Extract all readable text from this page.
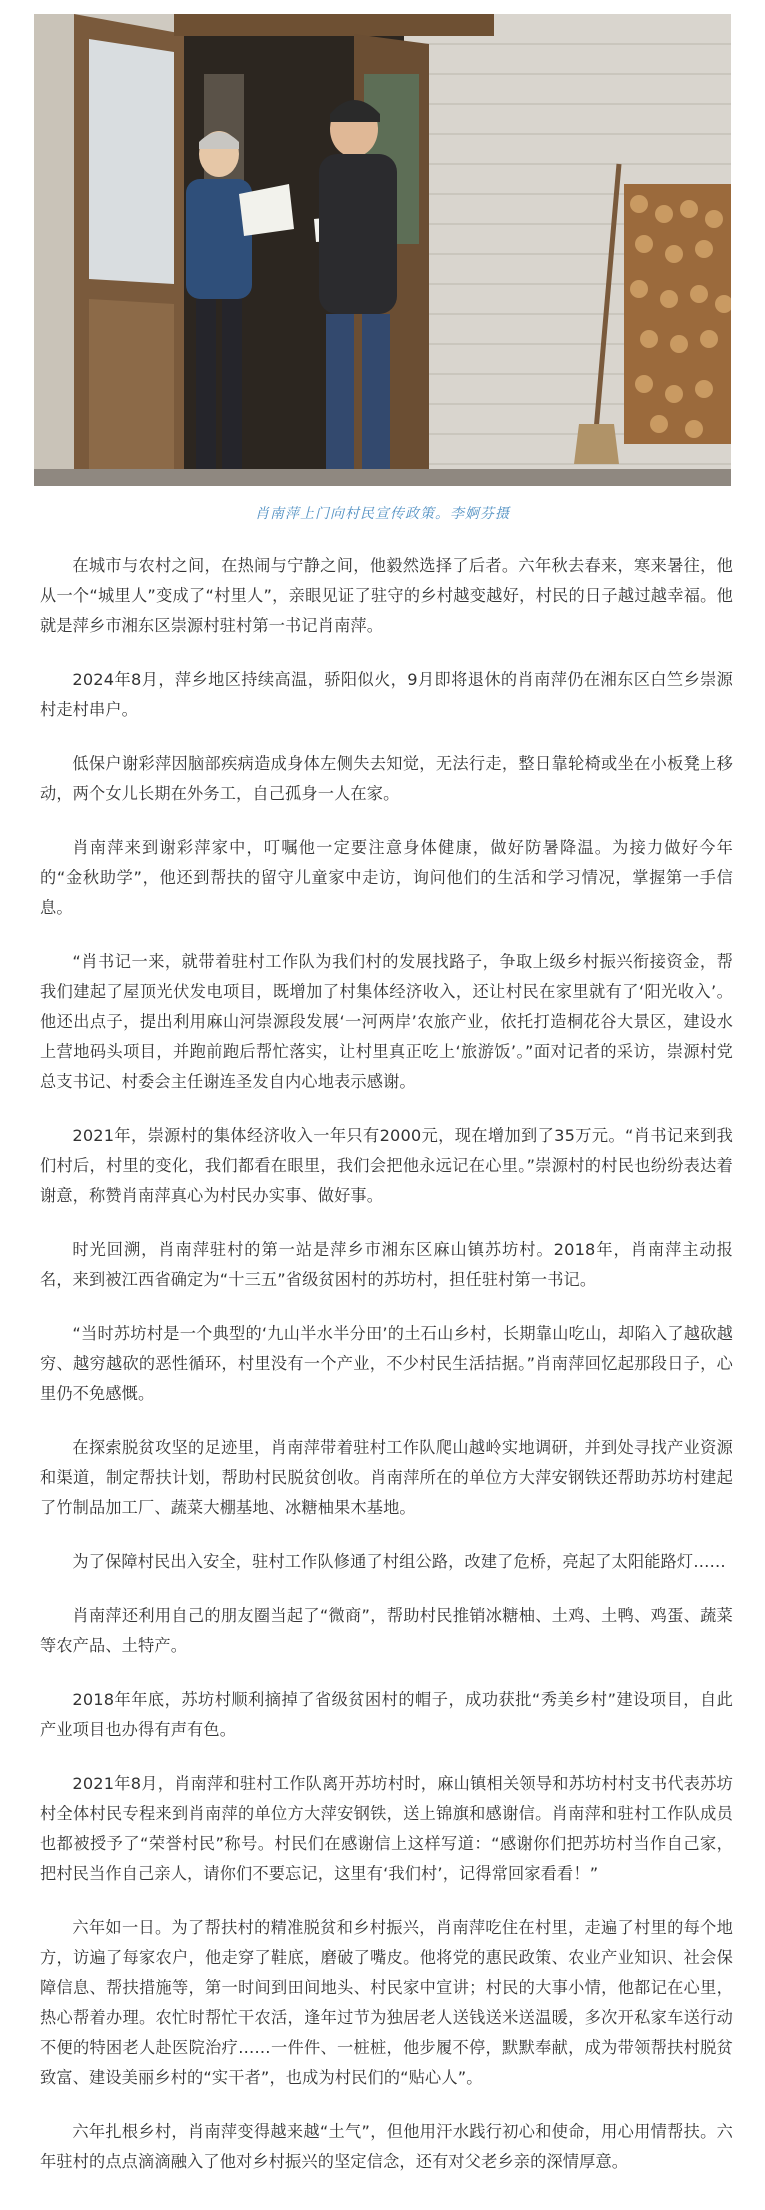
肖南萍上门向村民宣传政策。李婀芬摄

在城市与农村之间，在热闹与宁静之间，他毅然选择了后者。六年秋去春来，寒来暑往，他从一个“城里人”变成了“村里人”，亲眼见证了驻守的乡村越变越好，村民的日子越过越幸福。他就是萍乡市湘东区崇源村驻村第一书记肖南萍。

2024年8月，萍乡地区持续高温，骄阳似火，9月即将退休的肖南萍仍在湘东区白竺乡崇源村走村串户。

低保户谢彩萍因脑部疾病造成身体左侧失去知觉，无法行走，整日靠轮椅或坐在小板凳上移动，两个女儿长期在外务工，自己孤身一人在家。

肖南萍来到谢彩萍家中，叮嘱他一定要注意身体健康，做好防暑降温。为接力做好今年的“金秋助学”，他还到帮扶的留守儿童家中走访，询问他们的生活和学习情况，掌握第一手信息。

“肖书记一来，就带着驻村工作队为我们村的发展找路子，争取上级乡村振兴衔接资金，帮我们建起了屋顶光伏发电项目，既增加了村集体经济收入，还让村民在家里就有了‘阳光收入’。他还出点子，提出利用麻山河崇源段发展‘一河两岸’农旅产业，依托打造桐花谷大景区，建设水上营地码头项目，并跑前跑后帮忙落实，让村里真正吃上‘旅游饭’。”面对记者的采访，崇源村党总支书记、村委会主任谢连圣发自内心地表示感谢。

2021年，崇源村的集体经济收入一年只有2000元，现在增加到了35万元。“肖书记来到我们村后，村里的变化，我们都看在眼里，我们会把他永远记在心里。”崇源村的村民也纷纷表达着谢意，称赞肖南萍真心为村民办实事、做好事。

时光回溯，肖南萍驻村的第一站是萍乡市湘东区麻山镇苏坊村。2018年，肖南萍主动报名，来到被江西省确定为“十三五”省级贫困村的苏坊村，担任驻村第一书记。

“当时苏坊村是一个典型的‘九山半水半分田’的土石山乡村，长期靠山吃山，却陷入了越砍越穷、越穷越砍的恶性循环，村里没有一个产业，不少村民生活拮据。”肖南萍回忆起那段日子，心里仍不免感慨。

在探索脱贫攻坚的足迹里，肖南萍带着驻村工作队爬山越岭实地调研，并到处寻找产业资源和渠道，制定帮扶计划，帮助村民脱贫创收。肖南萍所在的单位方大萍安钢铁还帮助苏坊村建起了竹制品加工厂、蔬菜大棚基地、冰糖柚果木基地。

为了保障村民出入安全，驻村工作队修通了村组公路，改建了危桥，亮起了太阳能路灯……

肖南萍还利用自己的朋友圈当起了“微商”，帮助村民推销冰糖柚、土鸡、土鸭、鸡蛋、蔬菜等农产品、土特产。

2018年年底，苏坊村顺利摘掉了省级贫困村的帽子，成功获批“秀美乡村”建设项目，自此产业项目也办得有声有色。

2021年8月，肖南萍和驻村工作队离开苏坊村时，麻山镇相关领导和苏坊村村支书代表苏坊村全体村民专程来到肖南萍的单位方大萍安钢铁，送上锦旗和感谢信。肖南萍和驻村工作队成员也都被授予了“荣誉村民”称号。村民们在感谢信上这样写道：“感谢你们把苏坊村当作自己家，把村民当作自己亲人，请你们不要忘记，这里有‘我们村’，记得常回家看看！”

六年如一日。为了帮扶村的精准脱贫和乡村振兴，肖南萍吃住在村里，走遍了村里的每个地方，访遍了每家农户，他走穿了鞋底，磨破了嘴皮。他将党的惠民政策、农业产业知识、社会保障信息、帮扶措施等，第一时间到田间地头、村民家中宣讲；村民的大事小情，他都记在心里，热心帮着办理。农忙时帮忙干农活，逢年过节为独居老人送钱送米送温暖，多次开私家车送行动不便的特困老人赴医院治疗……一件件、一桩桩，他步履不停，默默奉献，成为带领帮扶村脱贫致富、建设美丽乡村的“实干者”，也成为村民们的“贴心人”。

六年扎根乡村，肖南萍变得越来越“土气”，但他用汗水践行初心和使命，用心用情帮扶。六年驻村的点点滴滴融入了他对乡村振兴的坚定信念，还有对父老乡亲的深情厚意。
